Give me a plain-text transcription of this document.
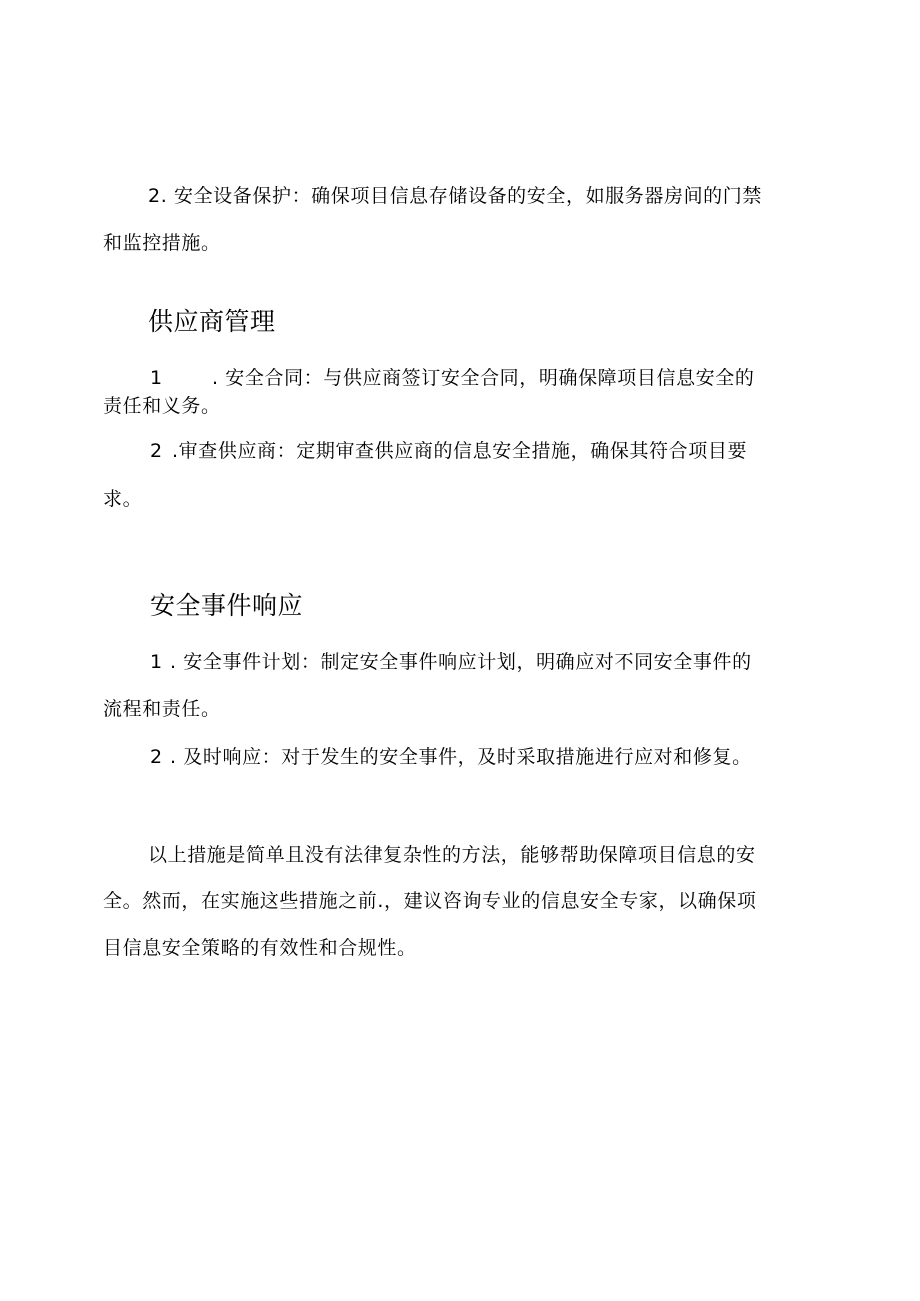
2. 安全设备保护：确保项目信息存储设备的安全，如服务器房间的门禁
和监控措施。
供应商管理
1	. 安全合同：与供应商签订安全合同，明确保障项目信息安全的
责任和义务。
2 .审查供应商：定期审查供应商的信息安全措施，确保其符合项目要
求。
安全事件响应
1 . 安全事件计划：制定安全事件响应计划，明确应对不同安全事件的
流程和责任。
2 . 及时响应：对于发生的安全事件，及时采取措施进行应对和修复。
以上措施是简单且没有法律复杂性的方法，能够帮助保障项目信息的安
全。然而，在实施这些措施之前.，建议咨询专业的信息安全专家，以确保项
目信息安全策略的有效性和合规性。
